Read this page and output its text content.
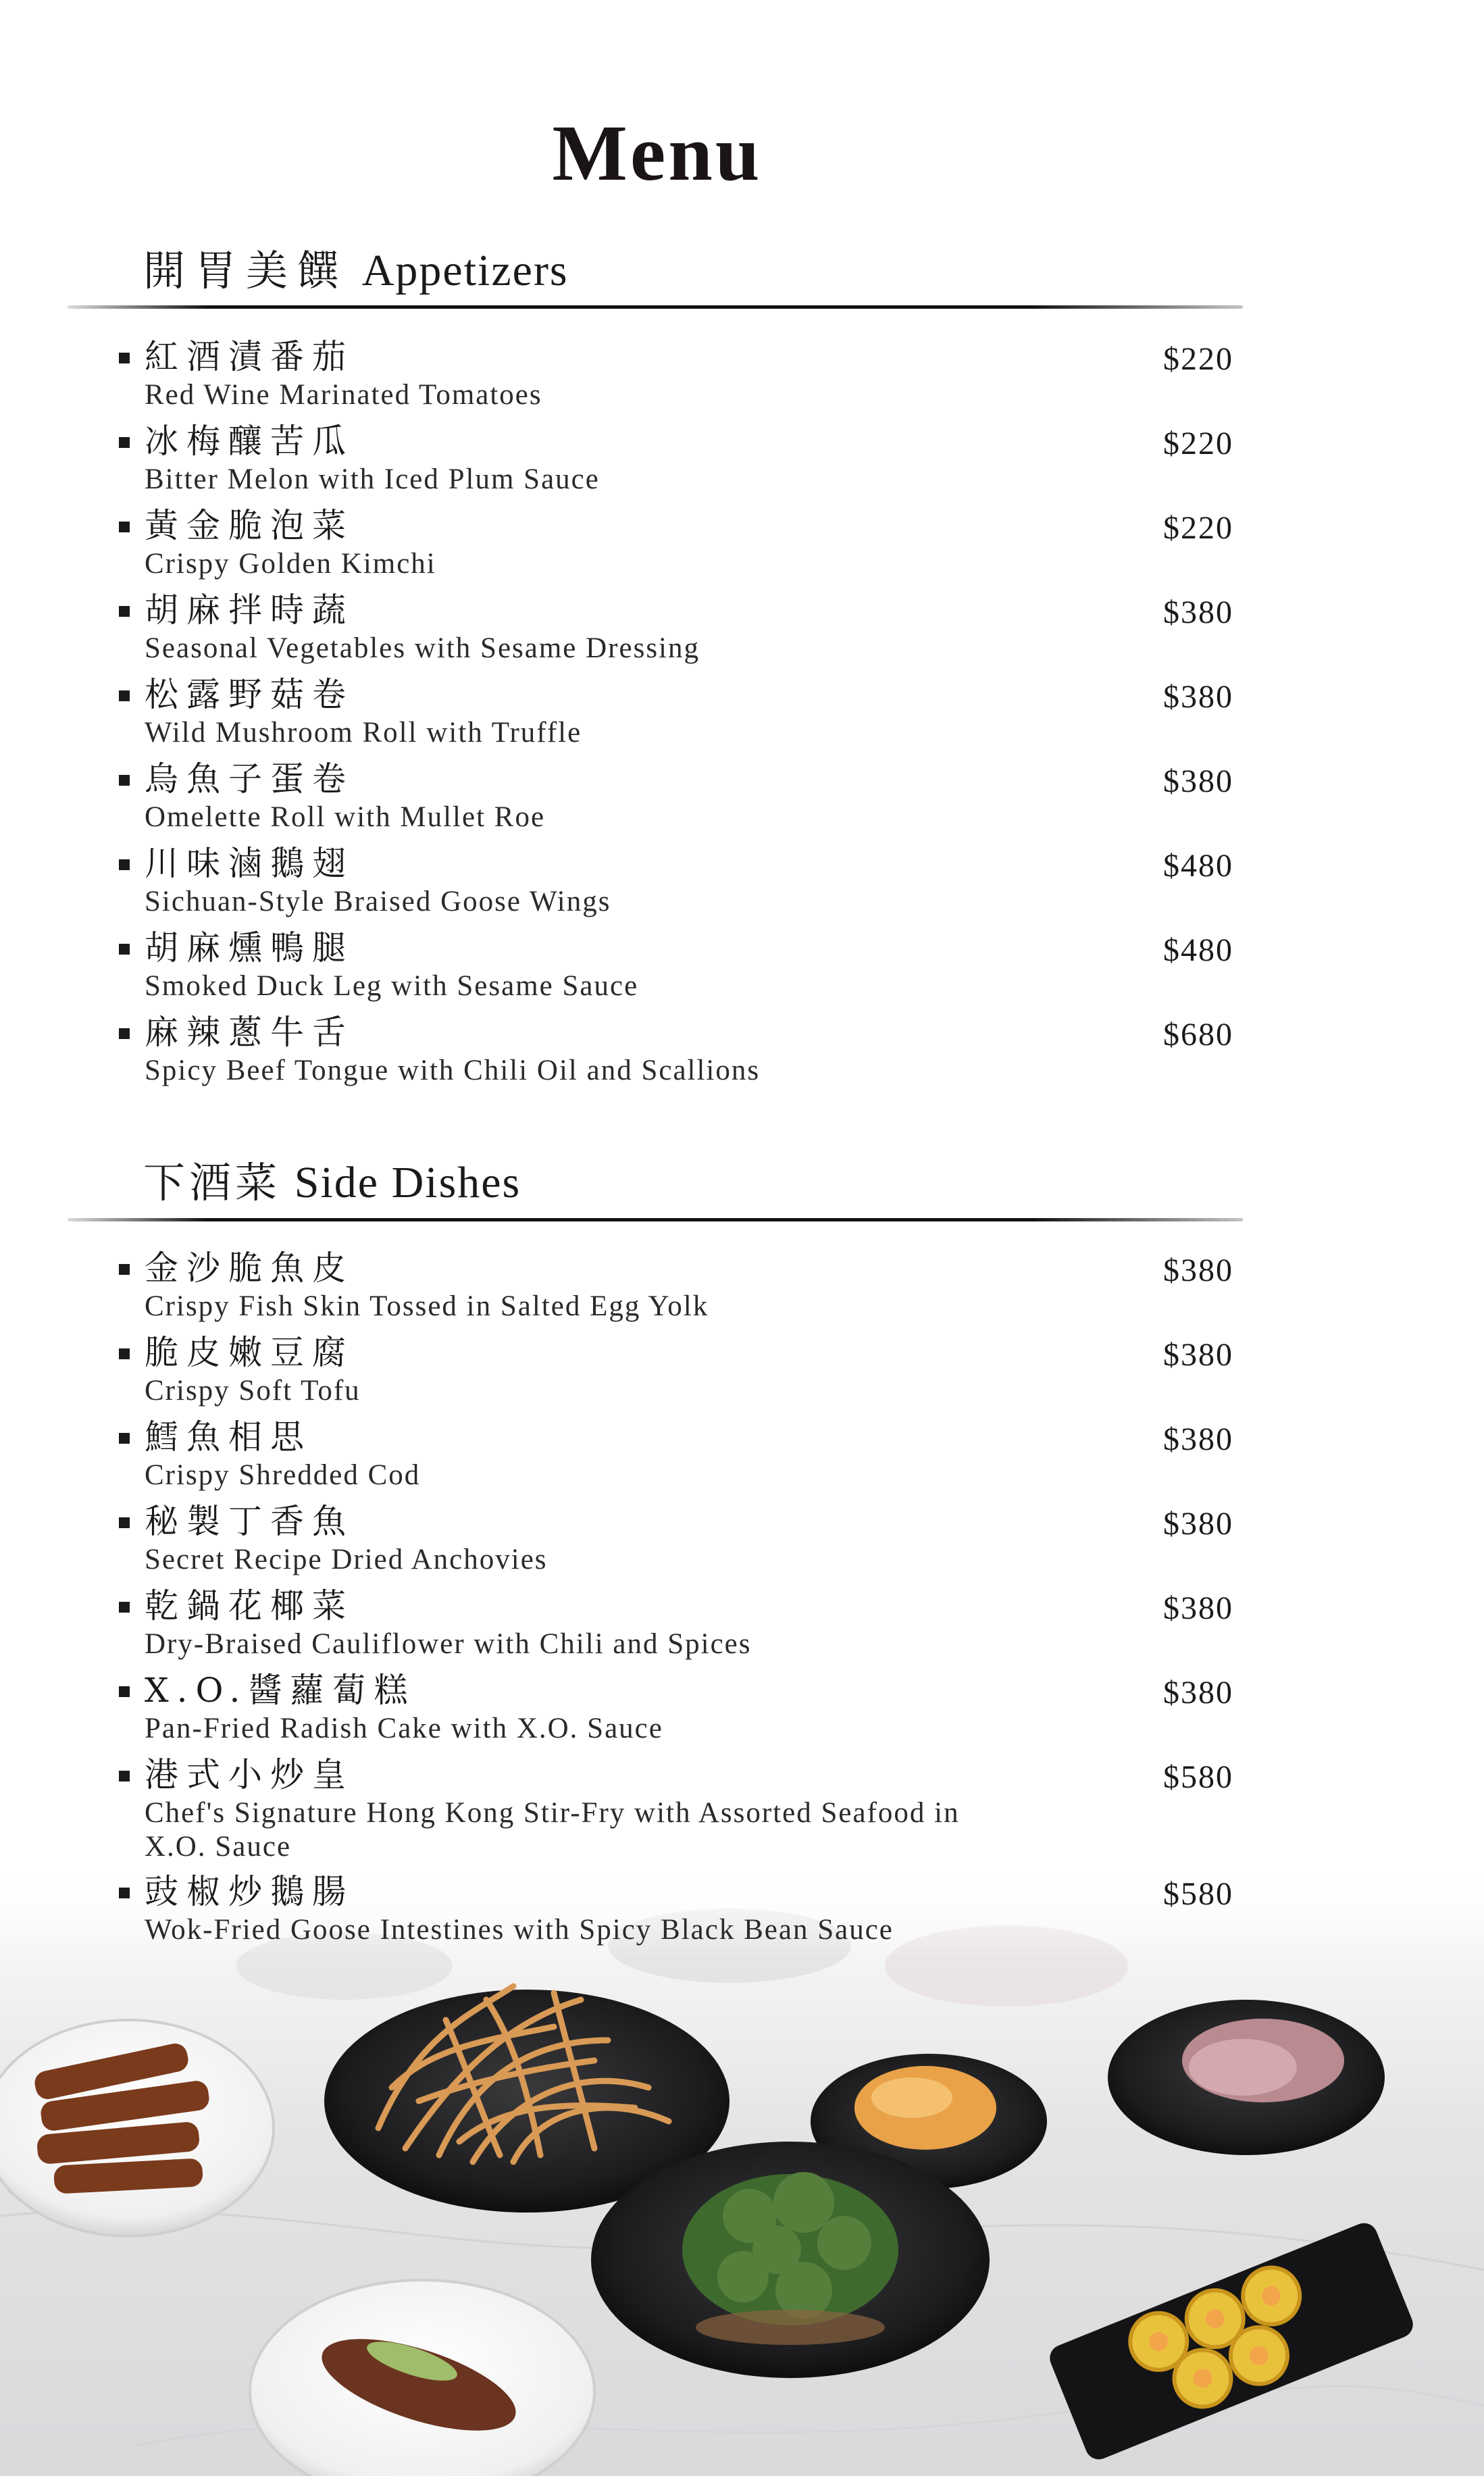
Menu
開胃美饌 Appetizers
紅酒漬番茄
Red Wine Marinated Tomatoes
$220
冰梅釀苦瓜
Bitter Melon with Iced Plum Sauce
$220
黃金脆泡菜
Crispy Golden Kimchi
$220
胡麻拌時蔬
Seasonal Vegetables with Sesame Dressing
$380
松露野菇卷
Wild Mushroom Roll with Truffle
$380
烏魚子蛋卷
Omelette Roll with Mullet Roe
$380
川味滷鵝翅
Sichuan-Style Braised Goose Wings
$480
胡麻燻鴨腿
Smoked Duck Leg with Sesame Sauce
$480
麻辣蔥牛舌
Spicy Beef Tongue with Chili Oil and Scallions
$680
下酒菜 Side Dishes
金沙脆魚皮
Crispy Fish Skin Tossed in Salted Egg Yolk
$380
脆皮嫩豆腐
Crispy Soft Tofu
$380
鱈魚相思
Crispy Shredded Cod
$380
秘製丁香魚
Secret Recipe Dried Anchovies
$380
乾鍋花椰菜
Dry-Braised Cauliflower with Chili and Spices
$380
X.O.醬蘿蔔糕
Pan-Fried Radish Cake with X.O. Sauce
$380
港式小炒皇
Chef's Signature Hong Kong Stir-Fry with Assorted Seafood in X.O. Sauce
$580
豉椒炒鵝腸
Wok-Fried Goose Intestines with Spicy Black Bean Sauce
$580
